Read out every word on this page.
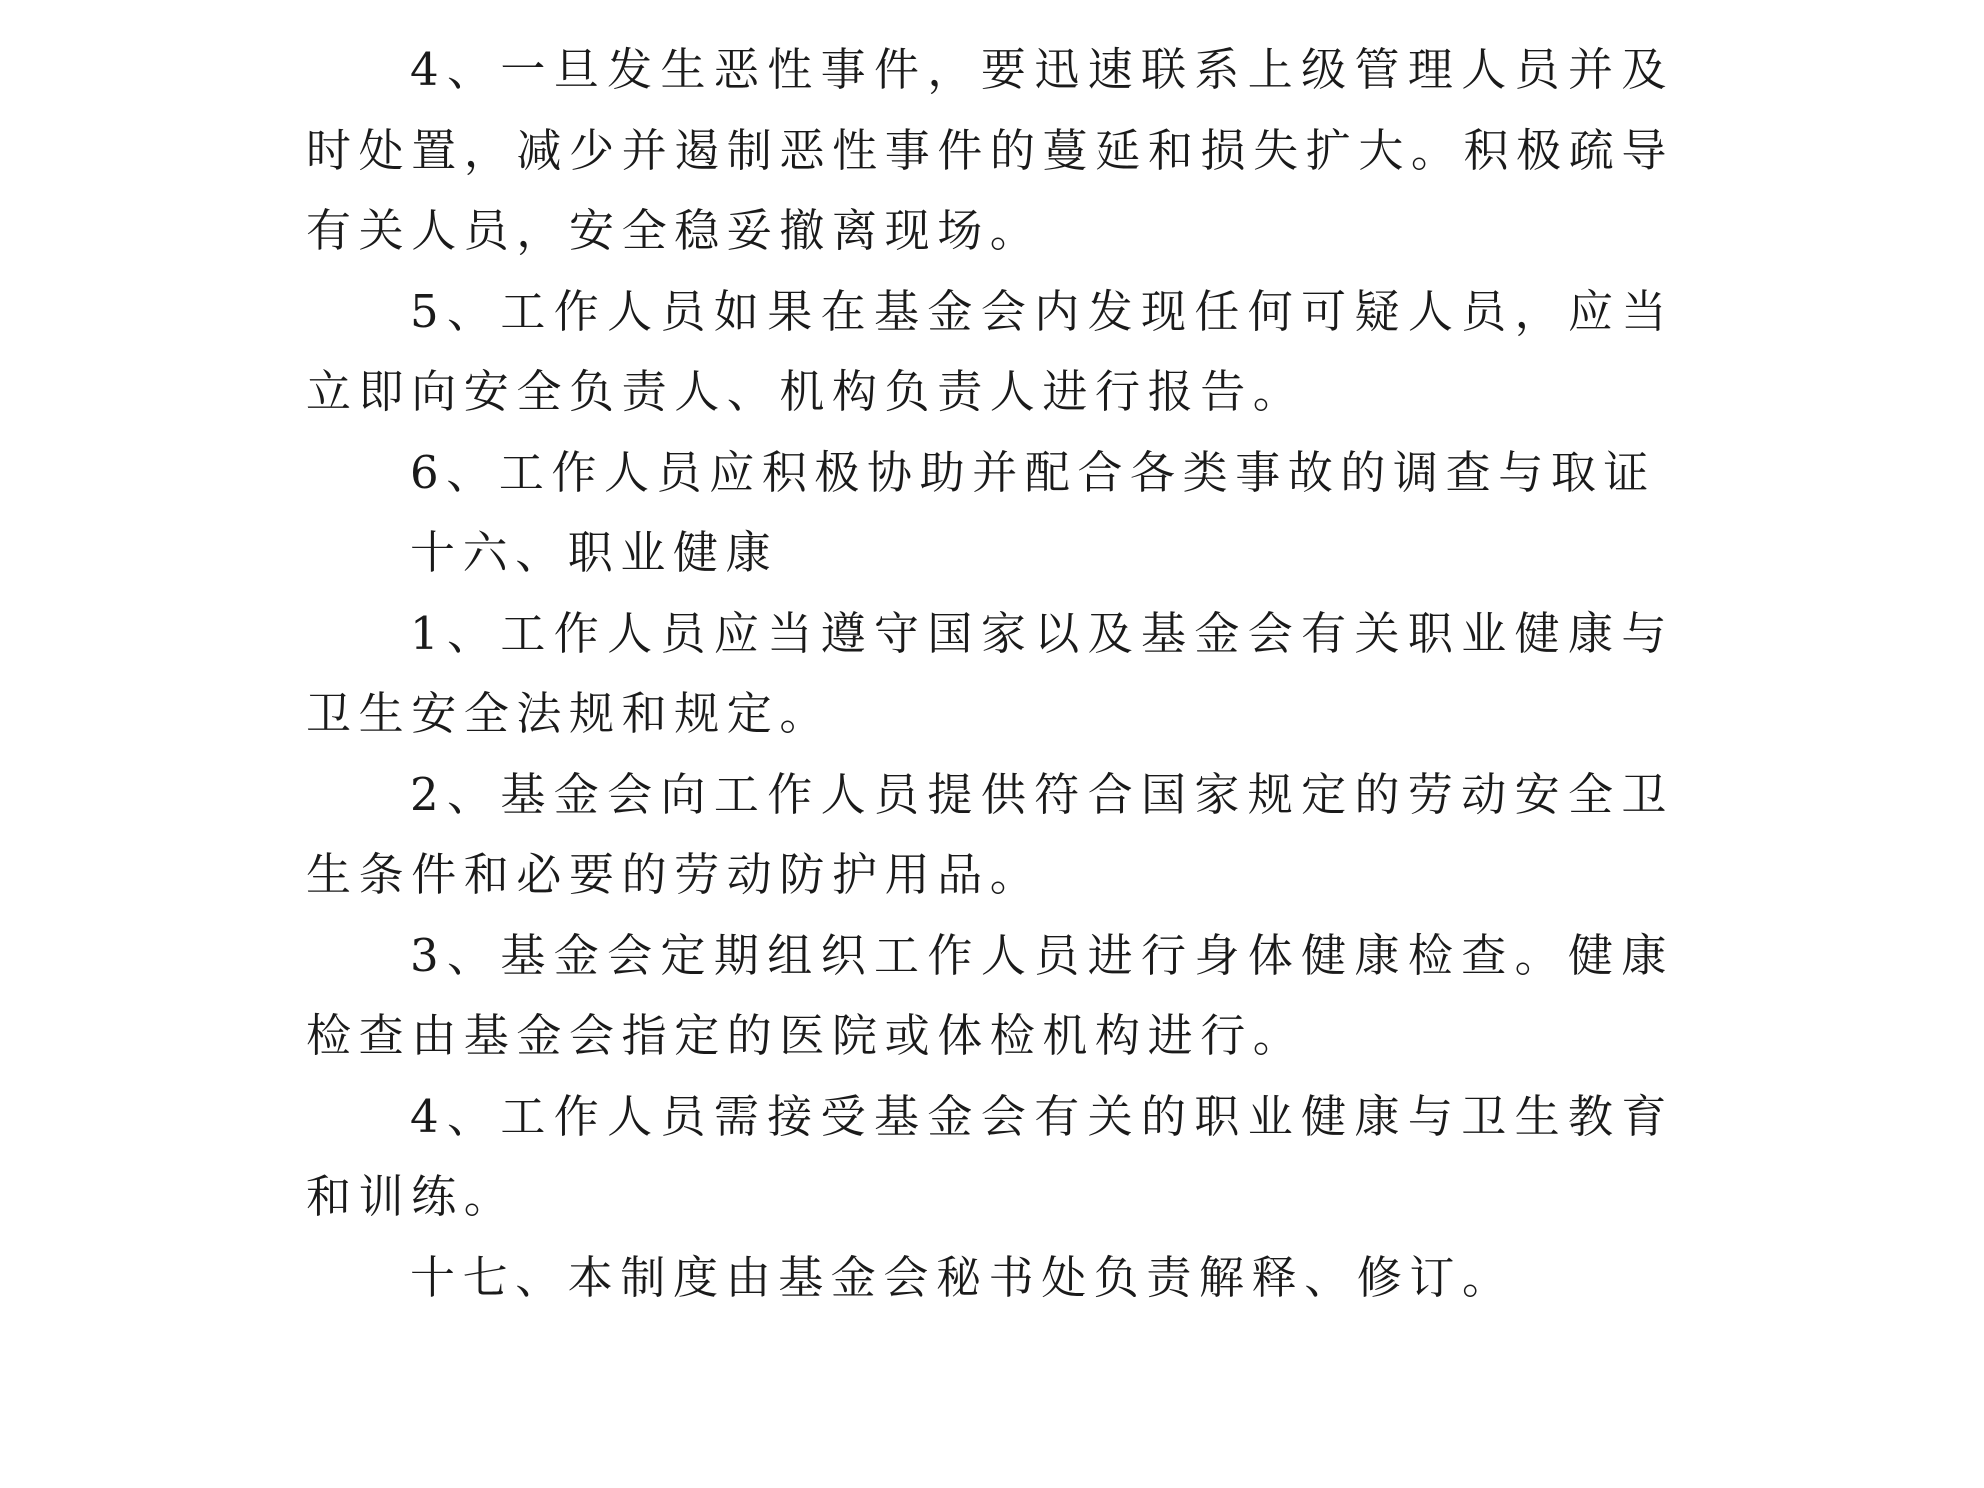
4、一旦发生恶性事件，要迅速联系上级管理人员并及时处置，减少并遏制恶性事件的蔓延和损失扩大。积极疏导有关人员，安全稳妥撤离现场。

5、工作人员如果在基金会内发现任何可疑人员，应当立即向安全负责人、机构负责人进行报告。

6、工作人员应积极协助并配合各类事故的调查与取证

十六、职业健康

1、工作人员应当遵守国家以及基金会有关职业健康与卫生安全法规和规定。

2、基金会向工作人员提供符合国家规定的劳动安全卫生条件和必要的劳动防护用品。

3、基金会定期组织工作人员进行身体健康检查。健康检查由基金会指定的医院或体检机构进行。

4、工作人员需接受基金会有关的职业健康与卫生教育和训练。

十七、本制度由基金会秘书处负责解释、修订。
